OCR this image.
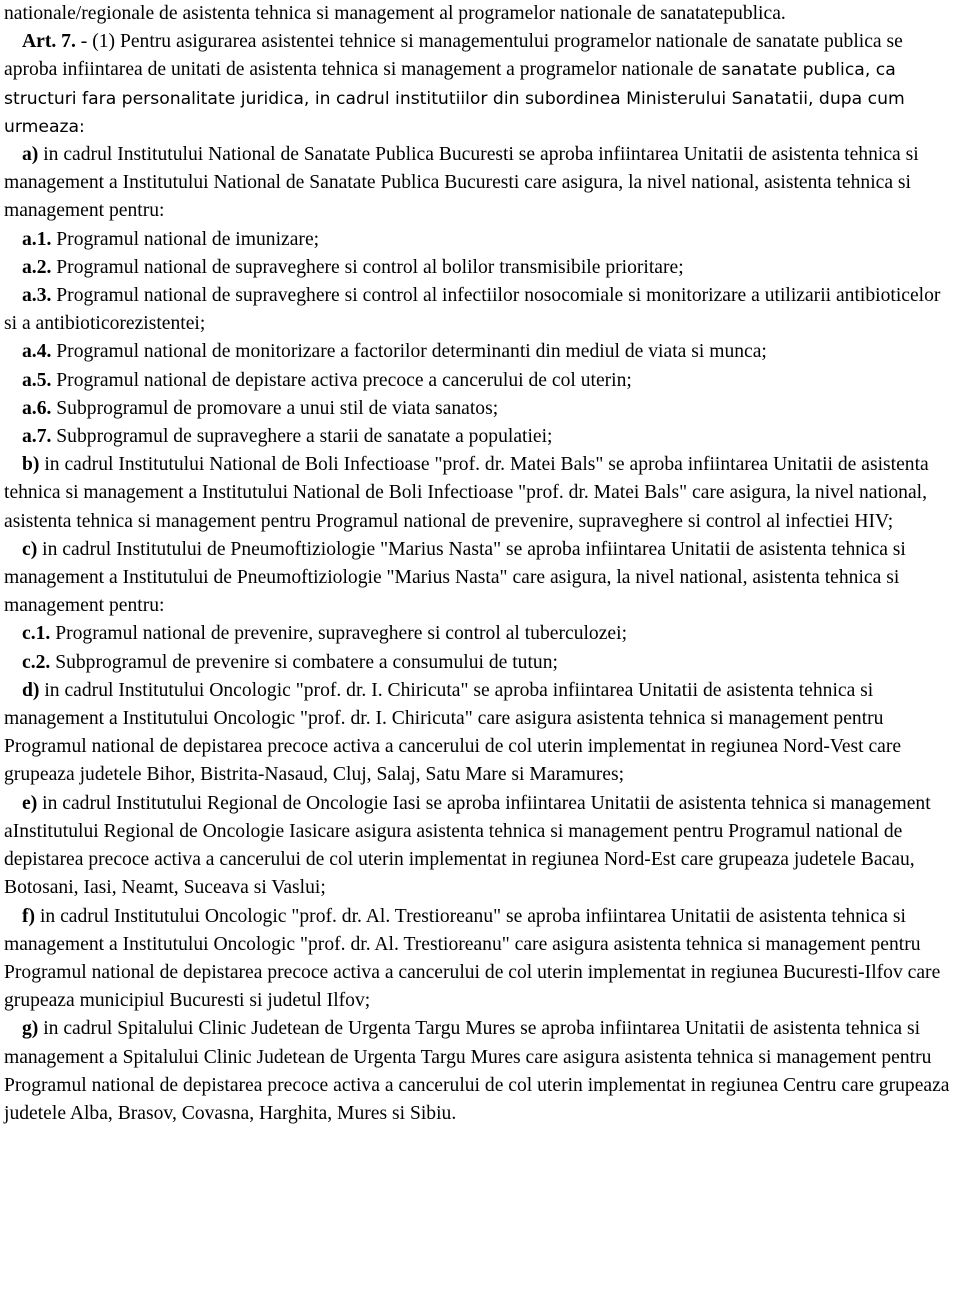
nationale/regionale de asistenta tehnica si management al programelor nationale de sanatatepublica.

Art. 7. - (1) Pentru asigurarea asistentei tehnice si managementului programelor nationale de sanatate publica se aproba infiintarea de unitati de asistenta tehnica si management a programelor nationale de sanatate publica, ca structuri fara personalitate juridica, in cadrul institutiilor din subordinea Ministerului Sanatatii, dupa cum urmeaza:

a) in cadrul Institutului National de Sanatate Publica Bucuresti se aproba infiintarea Unitatii de asistenta tehnica si management a Institutului National de Sanatate Publica Bucuresti care asigura, la nivel national, asistenta tehnica si management pentru:

a.1. Programul national de imunizare;

a.2. Programul national de supraveghere si control al bolilor transmisibile prioritare;

a.3. Programul national de supraveghere si control al infectiilor nosocomiale si monitorizare a utilizarii antibioticelor si a antibioticorezistentei;

a.4. Programul national de monitorizare a factorilor determinanti din mediul de viata si munca;

a.5. Programul national de depistare activa precoce a cancerului de col uterin;

a.6. Subprogramul de promovare a unui stil de viata sanatos;

a.7. Subprogramul de supraveghere a starii de sanatate a populatiei;

b) in cadrul Institutului National de Boli Infectioase "prof. dr. Matei Bals" se aproba infiintarea Unitatii de asistenta tehnica si management a Institutului National de Boli Infectioase "prof. dr. Matei Bals" care asigura, la nivel national, asistenta tehnica si management pentru Programul national de prevenire, supraveghere si control al infectiei HIV;

c) in cadrul Institutului de Pneumoftiziologie "Marius Nasta" se aproba infiintarea Unitatii de asistenta tehnica si management a Institutului de Pneumoftiziologie "Marius Nasta" care asigura, la nivel national, asistenta tehnica si management pentru:

c.1. Programul national de prevenire, supraveghere si control al tuberculozei;

c.2. Subprogramul de prevenire si combatere a consumului de tutun;

d) in cadrul Institutului Oncologic "prof. dr. I. Chiricuta" se aproba infiintarea Unitatii de asistenta tehnica si management a Institutului Oncologic "prof. dr. I. Chiricuta" care asigura asistenta tehnica si management pentru Programul national de depistarea precoce activa a cancerului de col uterin implementat in regiunea Nord-Vest care grupeaza judetele Bihor, Bistrita-Nasaud, Cluj, Salaj, Satu Mare si Maramures;

e) in cadrul Institutului Regional de Oncologie Iasi se aproba infiintarea Unitatii de asistenta tehnica si management aInstitutului Regional de Oncologie Iasicare asigura asistenta tehnica si management pentru Programul national de depistarea precoce activa a cancerului de col uterin implementat in regiunea Nord-Est care grupeaza judetele Bacau, Botosani, Iasi, Neamt, Suceava si Vaslui;

f) in cadrul Institutului Oncologic "prof. dr. Al. Trestioreanu" se aproba infiintarea Unitatii de asistenta tehnica si management a Institutului Oncologic "prof. dr. Al. Trestioreanu" care asigura asistenta tehnica si management pentru Programul national de depistarea precoce activa a cancerului de col uterin implementat in regiunea Bucuresti-Ilfov care grupeaza municipiul Bucuresti si judetul Ilfov;

g) in cadrul Spitalului Clinic Judetean de Urgenta Targu Mures se aproba infiintarea Unitatii de asistenta tehnica si management a Spitalului Clinic Judetean de Urgenta Targu Mures care asigura asistenta tehnica si management pentru Programul national de depistarea precoce activa a cancerului de col uterin implementat in regiunea Centru care grupeaza judetele Alba, Brasov, Covasna, Harghita, Mures si Sibiu.
